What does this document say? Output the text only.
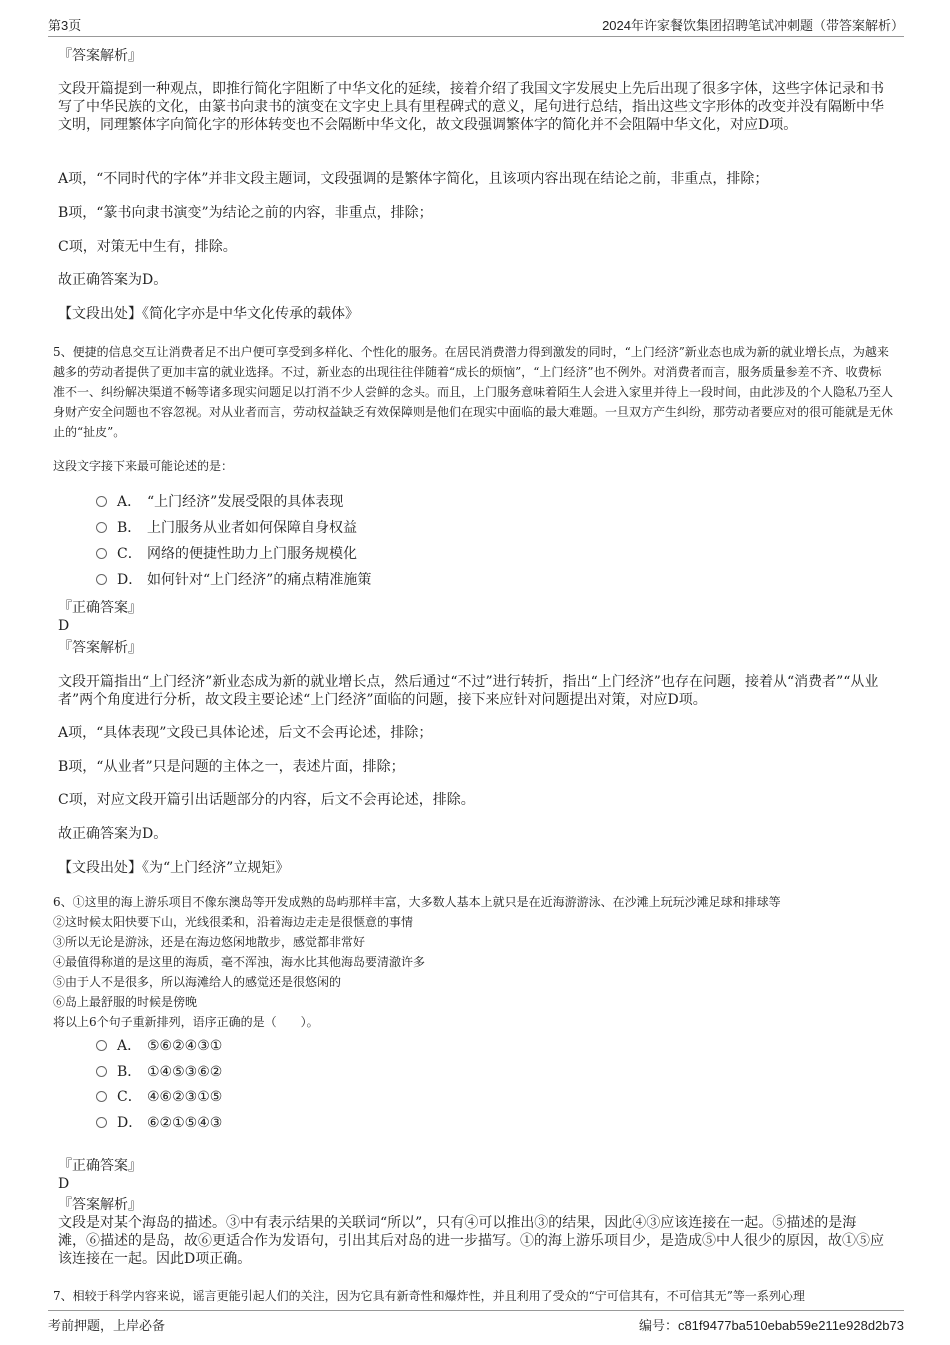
第3页	2024年许家餐饮集团招聘笔试冲刺题（带答案解析）

『答案解析』

文段开篇提到一种观点，即推行简化字阻断了中华文化的延续，接着介绍了我国文字发展史上先后出现了很多字体，这些字体记录和书写了中华民族的文化，由篆书向隶书的演变在文字史上具有里程碑式的意义，尾句进行总结，指出这些文字形体的改变并没有隔断中华文明，同理繁体字向简化字的形体转变也不会隔断中华文化，故文段强调繁体字的简化并不会阻隔中华文化，对应D项。

A项，“不同时代的字体”并非文段主题词，文段强调的是繁体字简化，且该项内容出现在结论之前，非重点，排除；

B项，“篆书向隶书演变”为结论之前的内容，非重点，排除；

C项，对策无中生有，排除。

故正确答案为D。

【文段出处】《简化字亦是中华文化传承的载体》

5、便捷的信息交互让消费者足不出户便可享受到多样化、个性化的服务。在居民消费潜力得到激发的同时，“上门经济”新业态也成为新的就业增长点，为越来越多的劳动者提供了更加丰富的就业选择。不过，新业态的出现往往伴随着“成长的烦恼”，“上门经济”也不例外。对消费者而言，服务质量参差不齐、收费标准不一、纠纷解决渠道不畅等诸多现实问题足以打消不少人尝鲜的念头。而且，上门服务意味着陌生人会进入家里并待上一段时间，由此涉及的个人隐私乃至人身财产安全问题也不容忽视。对从业者而言，劳动权益缺乏有效保障则是他们在现实中面临的最大难题。一旦双方产生纠纷，那劳动者要应对的很可能就是无休止的“扯皮”。

这段文字接下来最可能论述的是：

A． “上门经济”发展受限的具体表现
B． 上门服务从业者如何保障自身权益
C． 网络的便捷性助力上门服务规模化
D． 如何针对“上门经济”的痛点精准施策

『正确答案』

D

『答案解析』

文段开篇指出“上门经济”新业态成为新的就业增长点，然后通过“不过”进行转折，指出“上门经济”也存在问题，接着从“消费者”“从业者”两个角度进行分析，故文段主要论述“上门经济”面临的问题，接下来应针对问题提出对策，对应D项。

A项，“具体表现”文段已具体论述，后文不会再论述，排除；

B项，“从业者”只是问题的主体之一，表述片面，排除；

C项，对应文段开篇引出话题部分的内容，后文不会再论述，排除。

故正确答案为D。

【文段出处】《为“上门经济”立规矩》

6、①这里的海上游乐项目不像东澳岛等开发成熟的岛屿那样丰富，大多数人基本上就只是在近海游游泳、在沙滩上玩玩沙滩足球和排球等

②这时候太阳快要下山，光线很柔和，沿着海边走走是很惬意的事情

③所以无论是游泳，还是在海边悠闲地散步，感觉都非常好

④最值得称道的是这里的海质，毫不浑浊，海水比其他海岛要清澈许多

⑤由于人不是很多，所以海滩给人的感觉还是很悠闲的

⑥岛上最舒服的时候是傍晚

将以上6个句子重新排列，语序正确的是（　　）。

A． ⑤⑥②④③①
B． ①④⑤③⑥②
C． ④⑥②③①⑤
D． ⑥②①⑤④③

『正确答案』

D

『答案解析』

文段是对某个海岛的描述。③中有表示结果的关联词“所以”，只有④可以推出③的结果，因此④③应该连接在一起。⑤描述的是海滩，⑥描述的是岛，故⑥更适合作为发语句，引出其后对岛的进一步描写。①的海上游乐项目少，是造成⑤中人很少的原因，故①⑤应该连接在一起。因此D项正确。

7、相较于科学内容来说，谣言更能引起人们的关注，因为它具有新奇性和爆炸性，并且利用了受众的“宁可信其有，不可信其无”等一系列心理

考前押题，上岸必备	编号：c81f9477ba510ebab59e211e928d2b73
